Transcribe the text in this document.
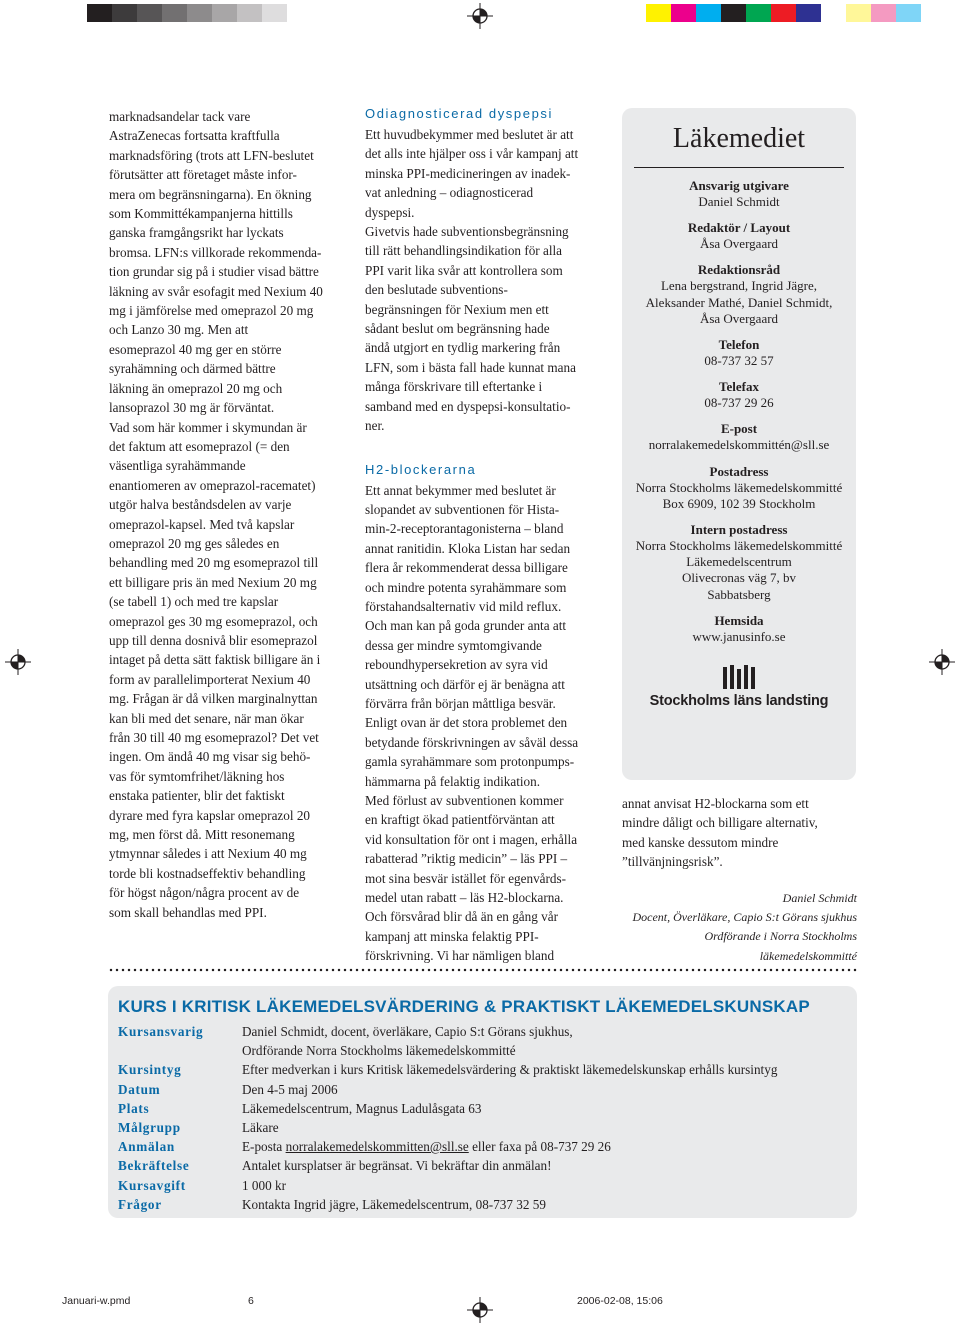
marknadsandelar tack vare

AstraZenecas fortsatta kraftfulla

marknadsföring (trots att LFN-beslutet

förutsätter att företaget måste infor-

mera om begränsningarna). En ökning

som Kommittékampanjerna hittills

ganska framgångsrikt har lyckats

bromsa. LFN:s villkorade rekommenda-

tion grundar sig på i studier visad bättre

läkning av svår esofagit med Nexium 40

mg i jämförelse med omeprazol 20 mg

och Lanzo 30 mg. Men att

esomeprazol 40 mg ger en större

syrahämning och därmed bättre

läkning än omeprazol 20 mg och

lansoprazol 30 mg är förväntat.

Vad som här kommer i skymundan är

det faktum att esomeprazol (= den

väsentliga syrahämmande

enantiomeren av omeprazol-racematet)

utgör halva beståndsdelen av varje

omeprazol-kapsel. Med två kapslar

omeprazol 20 mg ges således en

behandling med 20 mg esomeprazol till

ett billigare pris än med Nexium 20 mg

(se tabell 1) och med tre kapslar

omeprazol ges 30 mg esomeprazol, och

upp till denna dosnivå blir esomeprazol

intaget på detta sätt faktisk billigare än i

form av parallelimporterat Nexium 40

mg. Frågan är då vilken marginalnyttan

kan bli med det senare, när man ökar

från 30 till 40 mg esomeprazol? Det vet

ingen. Om ändå 40 mg visar sig behö-

vas för symtomfrihet/läkning hos

enstaka patienter, blir det faktiskt

dyrare med fyra kapslar omeprazol 20

mg, men först då. Mitt resonemang

ytmynnar således i att Nexium 40 mg

torde bli kostnadseffektiv behandling

för högst någon/några procent av de

som skall behandlas med PPI.

Odiagnosticerad dyspepsi

Ett huvudbekymmer med beslutet är att

det alls inte hjälper oss i vår kampanj att

minska PPI-medicineringen av inadek-

vat anledning – odiagnosticerad

dyspepsi.

Givetvis hade subventionsbegränsning

till rätt behandlingsindikation för alla

PPI varit lika svår att kontrollera som

den beslutade subventions-

begränsningen för Nexium men ett

sådant beslut om begränsning hade

ändå utgjort en tydlig markering från

LFN, som i bästa fall hade kunnat mana

många förskrivare till eftertanke i

samband med en dyspepsi-konsultatio-

ner.

H2-blockerarna

Ett annat bekymmer med beslutet är

slopandet av subventionen för Hista-

min-2-receptorantagonisterna – bland

annat ranitidin. Kloka Listan har sedan

flera år rekommenderat dessa billigare

och mindre potenta syrahämmare som

förstahandsalternativ vid mild reflux.

Och man kan på goda grunder anta att

dessa ger mindre symtomgivande

reboundhypersekretion av syra vid

utsättning och därför ej är benägna att

förvärra från början måttliga besvär.

Enligt ovan är det stora problemet den

betydande förskrivningen av såväl dessa

gamla syrahämmare som protonpumps-

hämmarna på felaktig indikation.

Med förlust av subventionen kommer

en kraftigt ökad patientförväntan att

vid konsultation för ont i magen, erhålla

rabatterad ”riktig medicin” – läs PPI –

mot sina besvär istället för egenvårds-

medel utan rabatt – läs H2-blockarna.

Och försvårad blir då än en gång vår

kampanj att minska felaktig PPI-

förskrivning. Vi har nämligen bland

Läkemediet
Ansvarig utgivare
Daniel Schmidt
Redaktör / Layout
Åsa Overgaard
Redaktionsråd
Lena bergstrand, Ingrid Jägre,
Aleksander Mathé, Daniel Schmidt,
Åsa Overgaard
Telefon
08-737 32 57
Telefax
08-737 29 26
E-post
norralakemedelskommittén@sll.se
Postadress
Norra Stockholms läkemedelskommitté
Box 6909, 102 39 Stockholm
Intern postadress
Norra Stockholms läkemedelskommitté
Läkemedelscentrum
Olivecronas väg 7, bv
Sabbatsberg
Hemsida
www.janusinfo.se
Stockholms läns landsting

annat anvisat H2-blockarna som ett

mindre dåligt och billigare alternativ,

med kanske dessutom mindre

”tillvänjningsrisk”.

Daniel Schmidt

Docent, Överläkare, Capio S:t Görans sjukhus

Ordförande i Norra Stockholms

läkemedelskommitté

KURS I KRITISK LÄKEMEDELSVÄRDERING & PRAKTISKT LÄKEMEDELSKUNSKAP
Kursansvarig	Daniel Schmidt, docent, överläkare, Capio S:t Görans sjukhus,
Ordförande Norra Stockholms läkemedelskommitté
Kursintyg	Efter medverkan i kurs Kritisk läkemedelsvärdering & praktiskt läkemedelskunskap erhålls kursintyg
Datum	Den 4-5 maj 2006
Plats	Läkemedelscentrum, Magnus Ladulåsgata 63
Målgrupp	Läkare
Anmälan	E-posta norralakemedelskommitten@sll.se eller faxa på 08-737 29 26
Bekräftelse	Antalet kursplatser är begränsat. Vi bekräftar din anmälan!
Kursavgift	1 000 kr
Frågor	Kontakta Ingrid jägre, Läkemedelscentrum, 08-737 32 59
Januari-w.pmd	6	2006-02-08, 15:06
